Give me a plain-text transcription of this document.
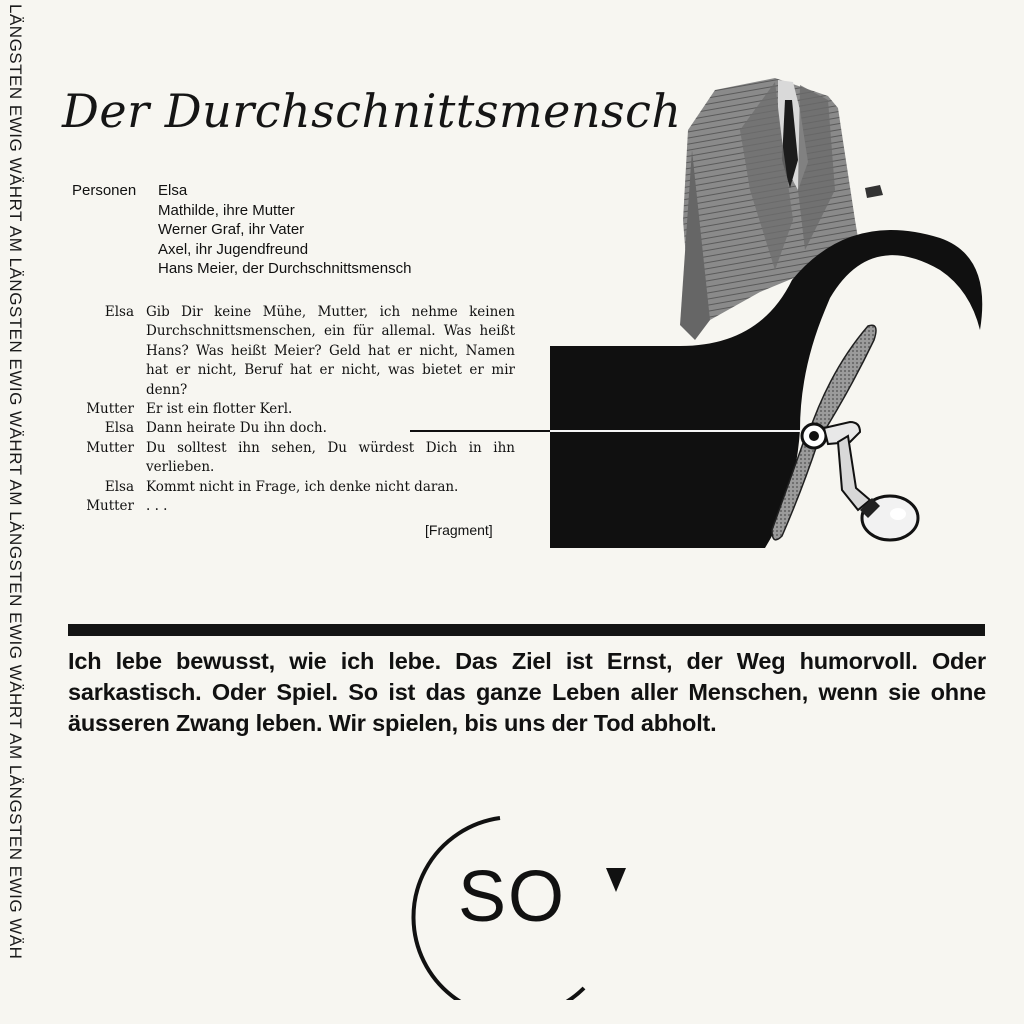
LÄNGSTEN EWIG WÄHRT AM LÄNGSTEN EWIG WÄHRT AM LÄNGSTEN EWIG WÄHRT AM LÄNGSTEN EWIG WÄH Der Durchschnittsmensch
Personen Elsa
Mathilde, ihre Mutter
Werner Graf, ihr Vater
Axel, ihr Jugendfreund
Hans Meier, der Durchschnittsmensch
Elsa Gib Dir keine Mühe, Mutter, ich nehme keinen Durchschnittsmenschen, ein für allemal. Was heißt Hans? Was heißt Meier? Geld hat er nicht, Namen hat er nicht, Beruf hat er nicht, was bietet er mir denn?
Mutter Er ist ein flotter Kerl.
Elsa Dann heirate Du ihn doch.
Mutter Du solltest ihn sehen, Du würdest Dich in ihn verlieben.
Elsa Kommt nicht in Frage, ich denke nicht daran.
Mutter . . .
[Fragment]
Ich lebe bewusst, wie ich lebe. Das Ziel ist Ernst, der Weg humorvoll. Oder sarkastisch. Oder Spiel. So ist das ganze Leben aller Menschen, wenn sie ohne äusseren Zwang leben. Wir spielen, bis uns der Tod abholt.
SO
